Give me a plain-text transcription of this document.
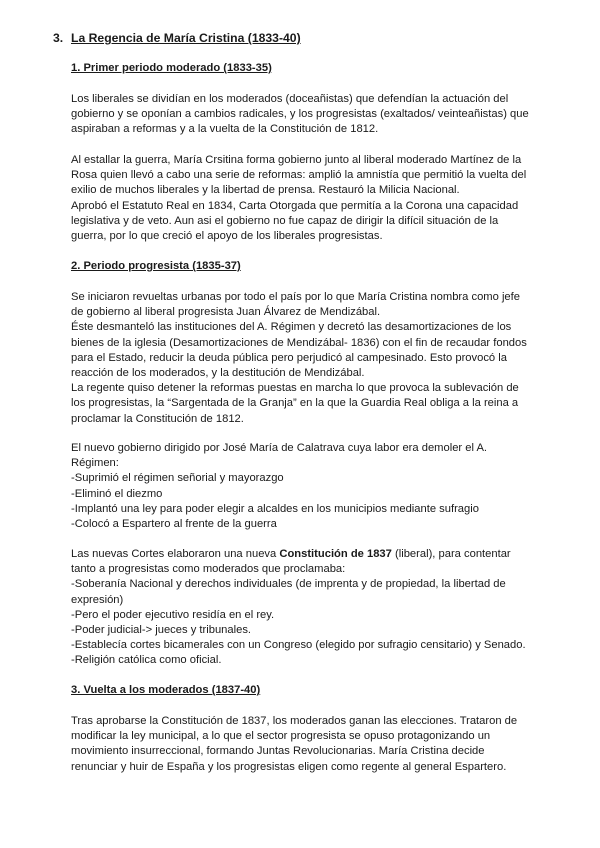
3. La Regencia de María Cristina (1833-40)
1. Primer periodo moderado (1833-35)

Los liberales se dividían en los moderados (doceañistas) que defendían la actuación del
gobierno y se oponían a cambios radicales, y los progresistas (exaltados/ veinteañistas) que
aspiraban a reformas y a la vuelta de la Constitución de 1812.

Al estallar la guerra, María Crsitina forma gobierno junto al liberal moderado Martínez de la
Rosa quien llevó a cabo una serie de reformas: amplió la amnistía que permitió la vuelta del
exilio de muchos liberales y la libertad de prensa. Restauró la Milicia Nacional.
Aprobó el Estatuto Real en 1834, Carta Otorgada que permitía a la Corona una capacidad
legislativa y de veto. Aun asi el gobierno no fue capaz de dirigir la difícil situación de la
guerra, por lo que creció el apoyo de los liberales progresistas.

2. Periodo progresista (1835-37)

Se iniciaron revueltas urbanas por todo el país por lo que María Cristina nombra como jefe
de gobierno al liberal progresista Juan Álvarez de Mendizábal.
Éste desmanteló las instituciones del A. Régimen y decretó las desamortizaciones de los
bienes de la iglesia (Desamortizaciones de Mendizábal- 1836) con el fin de recaudar fondos
para el Estado, reducir la deuda pública pero perjudicó al campesinado. Esto provocó la
reacción de los moderados, y la destitución de Mendizábal.
La regente quiso detener la reformas puestas en marcha lo que provoca la sublevación de
los progresistas, la “Sargentada de la Granja” en la que la Guardia Real obliga a la reina a
proclamar la Constitución de 1812.

El nuevo gobierno dirigido por José María de Calatrava cuya labor era demoler el A.
Régimen:
-Suprimió el régimen señorial y mayorazgo
-Eliminó el diezmo
-Implantó una ley para poder elegir a alcaldes en los municipios mediante sufragio
-Colocó a Espartero al frente de la guerra

Las nuevas Cortes elaboraron una nueva Constitución de 1837 (liberal), para contentar
tanto a progresistas como moderados que proclamaba:
-Soberanía Nacional y derechos individuales (de imprenta y de propiedad, la libertad de
expresión)
-Pero el poder ejecutivo residía en el rey.
-Poder judicial-> jueces y tribunales.
-Establecía cortes bicamerales con un Congreso (elegido por sufragio censitario) y Senado.
-Religión católica como oficial.

3. Vuelta a los moderados (1837-40)

Tras aprobarse la Constitución de 1837, los moderados ganan las elecciones. Trataron de
modificar la ley municipal, a lo que el sector progresista se opuso protagonizando un
movimiento insurreccional, formando Juntas Revolucionarias. María Cristina decide
renunciar y huir de España y los progresistas eligen como regente al general Espartero.
